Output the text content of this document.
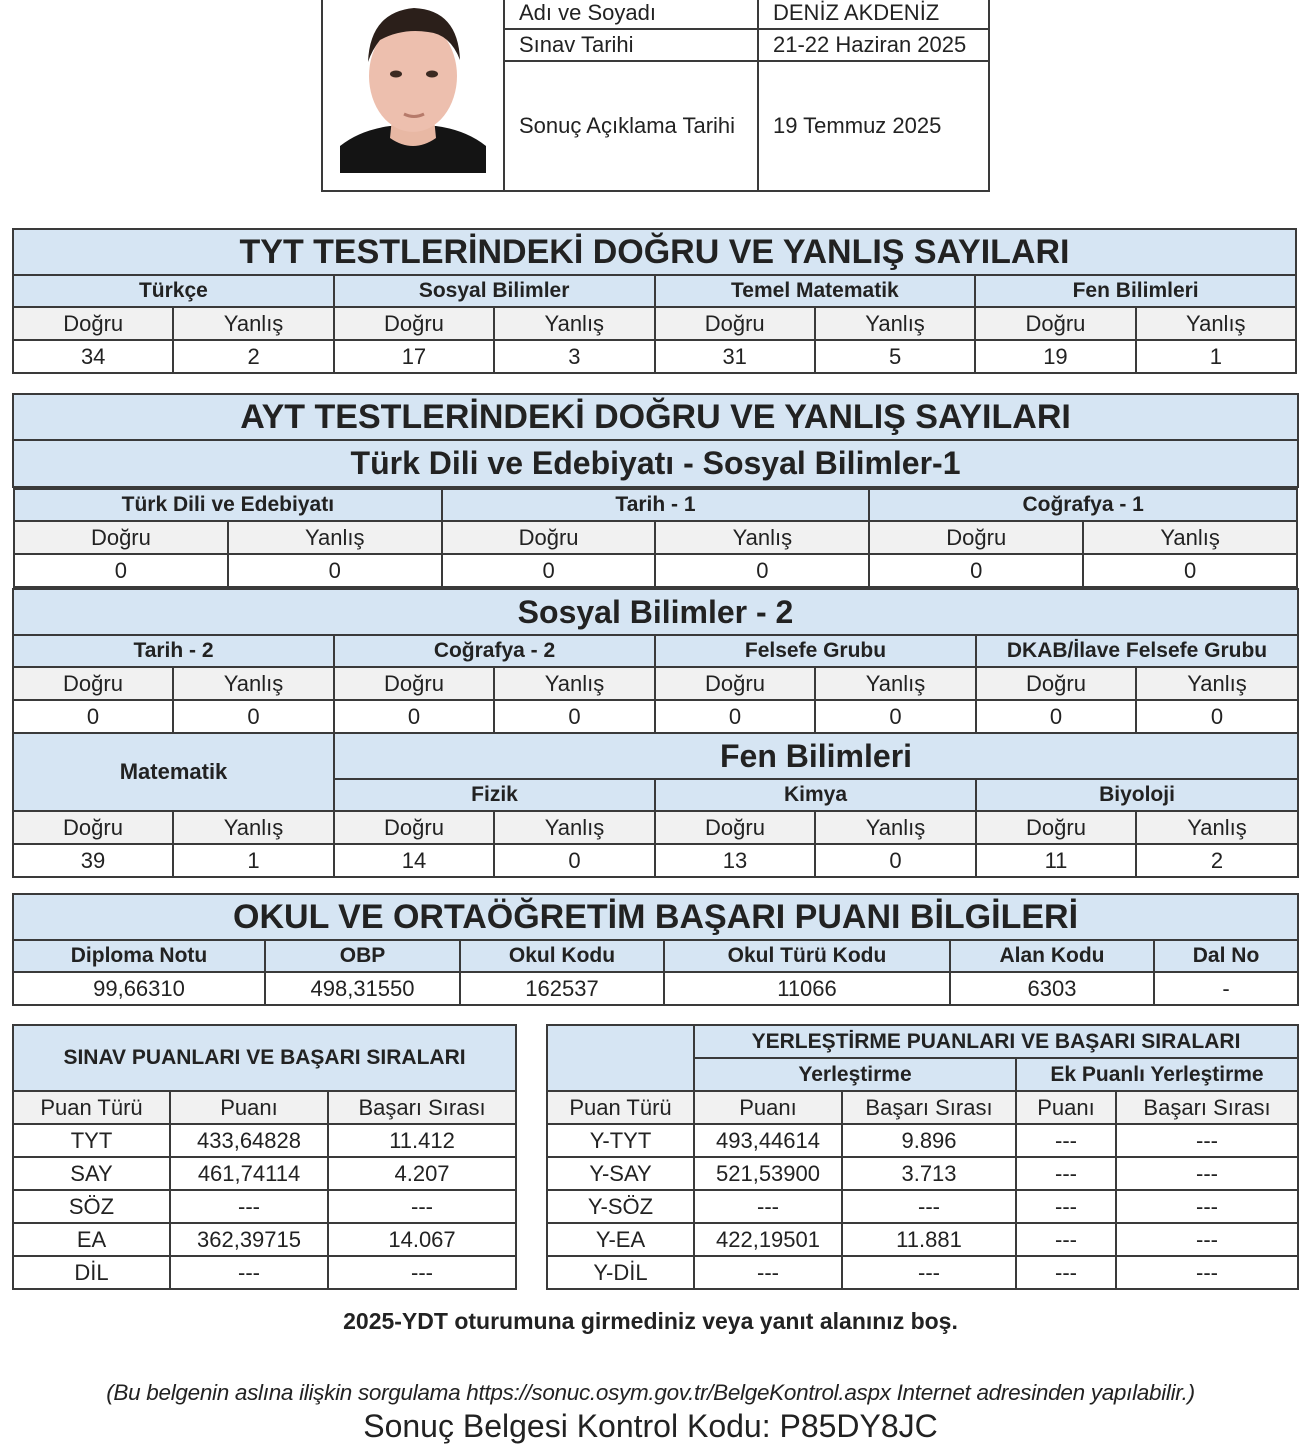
	Adı ve Soyadı	DENİZ AKDENİZ
	Sınav Tarihi	21-22 Haziran 2025
	Sonuç Açıklama Tarihi	19 Temmuz 2025
TYT TESTLERİNDEKİ DOĞRU VE YANLIŞ SAYILARI							
Türkçe		Sosyal Bilimler		Temel Matematik		Fen Bilimleri	
Doğru	Yanlış	Doğru	Yanlış	Doğru	Yanlış	Doğru	Yanlış
34	2	17	3	31	5	19	1
AYT TESTLERİNDEKİ DOĞRU VE YANLIŞ SAYILARI
Türk Dili ve Edebiyatı - Sosyal Bilimler-1

Türk Dili ve Edebiyatı	Tarih - 1	Coğrafya - 1
Doğru	Yanlış	Doğru	Yanlış	Doğru	Yanlış
0	0	0	0	0	0

Sosyal Bilimler - 2
Tarih - 2	Coğrafya - 2	Felsefe Grubu	DKAB/İlave Felsefe Grubu
Doğru	Yanlış	Doğru	Yanlış	Doğru	Yanlış	Doğru	Yanlış
0	0	0	0	0	0	0	0
Matematik	Fen Bilimleri
Fizik	Kimya	Biyoloji
Doğru	Yanlış	Doğru	Yanlış	Doğru	Yanlış	Doğru	Yanlış
39	1	14	0	13	0	11	2
OKUL VE ORTAÖĞRETİM BAŞARI PUANI BİLGİLERİ					
Diploma Notu	OBP	Okul Kodu	Okul Türü Kodu	Alan Kodu	Dal No
99,66310	498,31550	162537	11066	6303	-
SINAV PUANLARI VE BAŞARI SIRALARI		

Puan Türü	Puanı	Başarı Sırası
TYT	433,64828	11.412
SAY	461,74114	4.207
SÖZ	---	---
EA	362,39715	14.067
DİL	---	---
	YERLEŞTİRME PUANLARI VE BAŞARI SIRALARI			
	Yerleştirme		Ek Puanlı Yerleştirme	
Puan Türü	Puanı	Başarı Sırası	Puanı	Başarı Sırası
Y-TYT	493,44614	9.896	---	---
Y-SAY	521,53900	3.713	---	---
Y-SÖZ	---	---	---	---
Y-EA	422,19501	11.881	---	---
Y-DİL	---	---	---	---
2025-YDT oturumuna girmediniz veya yanıt alanınız boş.
(Bu belgenin aslına ilişkin sorgulama https://sonuc.osym.gov.tr/BelgeKontrol.aspx Internet adresinden yapılabilir.)
Sonuç Belgesi Kontrol Kodu: P85DY8JC
